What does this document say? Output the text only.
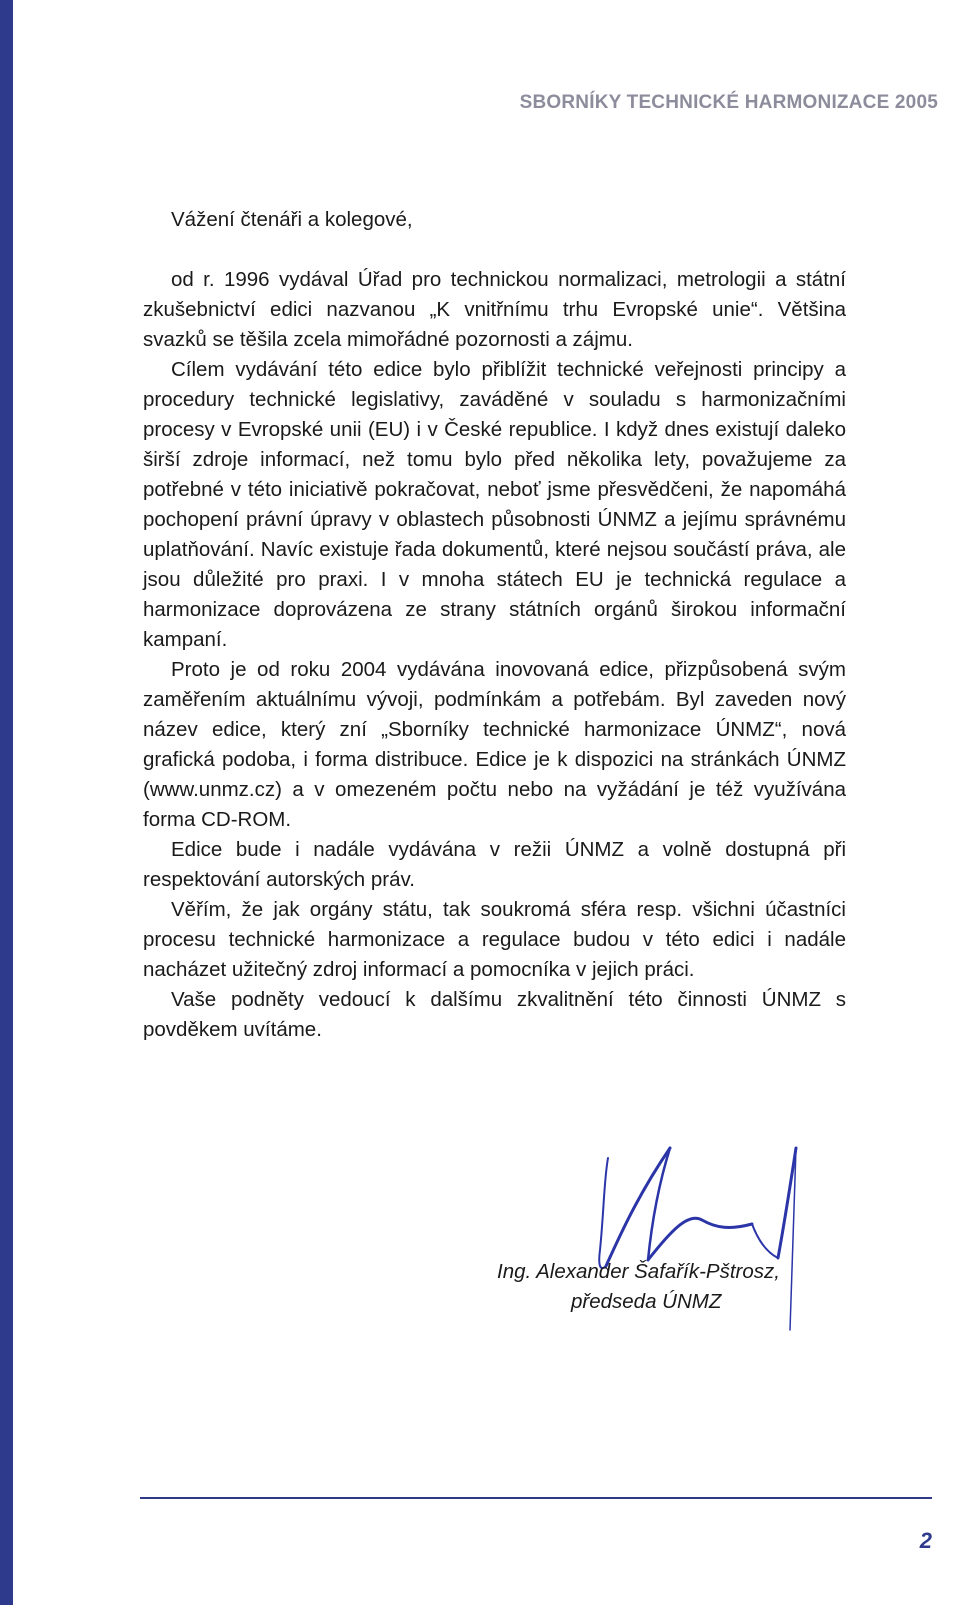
SBORNÍKY TECHNICKÉ HARMONIZACE 2005
Vážení čtenáři a kolegové,

od r. 1996 vydával Úřad pro technickou normalizaci, metrologii a státní zkušebnictví edici nazvanou „K vnitřnímu trhu Evropské unie“. Většina svazků se těšila zcela mimořádné pozornosti a zájmu.

Cílem vydávání této edice bylo přiblížit technické veřejnosti principy a procedury technické legislativy, zaváděné v souladu s harmonizačními procesy v Evropské unii (EU) i v České republice. I když dnes existují daleko širší zdroje informací, než tomu bylo před několika lety, považujeme za potřebné v této iniciativě pokračovat, neboť jsme přesvědčeni, že napomáhá pochopení právní úpravy v oblastech působnosti ÚNMZ a jejímu správnému uplatňování. Navíc existuje řada dokumentů, které nejsou součástí práva, ale jsou důležité pro praxi. I v mnoha státech EU je technická regulace a harmonizace doprovázena ze strany státních orgánů širokou informační kampaní.

Proto je od roku 2004 vydávána inovovaná edice, přizpůsobená svým zaměřením aktuálnímu vývoji, podmínkám a potřebám. Byl zaveden nový název edice, který zní „Sborníky technické harmonizace ÚNMZ“, nová grafická podoba, i forma distribuce. Edice je k dispozici na stránkách ÚNMZ (www.unmz.cz) a v omezeném počtu nebo na vyžádání je též využívána forma CD-ROM.

Edice bude i nadále vydávána v režii ÚNMZ a volně dostupná při respektování autorských práv.

Věřím, že jak orgány státu, tak soukromá sféra resp. všichni účastníci procesu technické harmonizace a regulace budou v této edici i nadále nacházet užitečný zdroj informací a pomocníka v jejich práci.

Vaše podněty vedoucí k dalšímu zkvalitnění této činnosti ÚNMZ s povděkem uvítáme.

Ing. Alexander Šafařík-Pštrosz,
předseda ÚNMZ
2
